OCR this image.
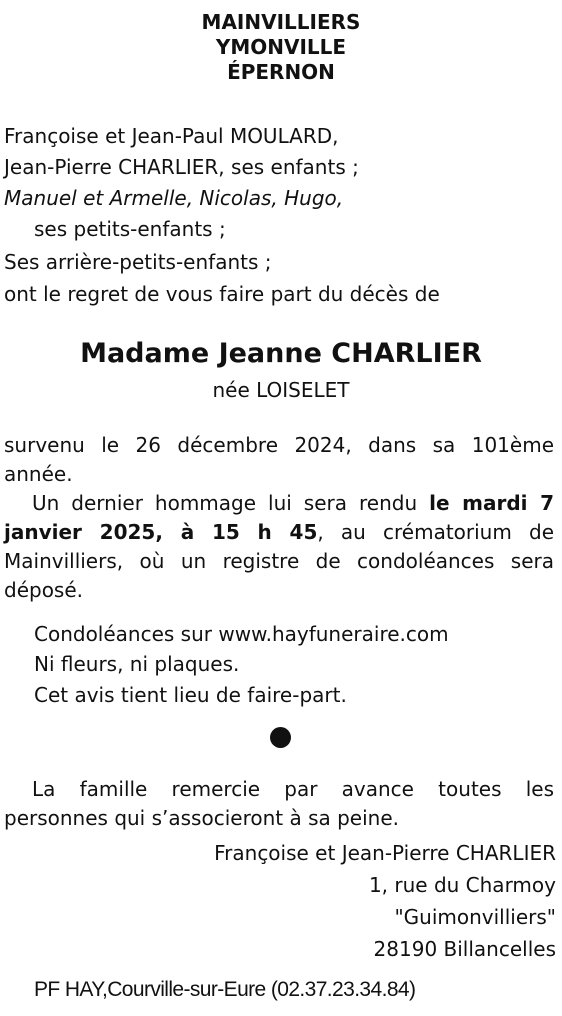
MAINVILLIERS
YMONVILLE
ÉPERNON
Françoise et Jean-Paul MOULARD,
Jean-Pierre CHARLIER, ses enfants ;
Manuel et Armelle, Nicolas, Hugo,
ses petits-enfants ;
Ses arrière-petits-enfants ;
ont le regret de vous faire part du décès de
Madame Jeanne CHARLIER
née LOISELET
survenu le 26 décembre 2024, dans sa 101ème année.
Un dernier hommage lui sera rendu le mardi 7 janvier 2025, à 15 h 45, au crématorium de Mainvilliers, où un registre de condoléances sera déposé.
Condoléances sur www.hayfuneraire.com
Ni fleurs, ni plaques.
Cet avis tient lieu de faire-part.
La famille remercie par avance toutes les personnes qui s’associeront à sa peine.
Françoise et Jean-Pierre CHARLIER
1, rue du Charmoy
"Guimonvilliers"
28190 Billancelles
PF HAY,Courville-sur-Eure (02.37.23.34.84)
